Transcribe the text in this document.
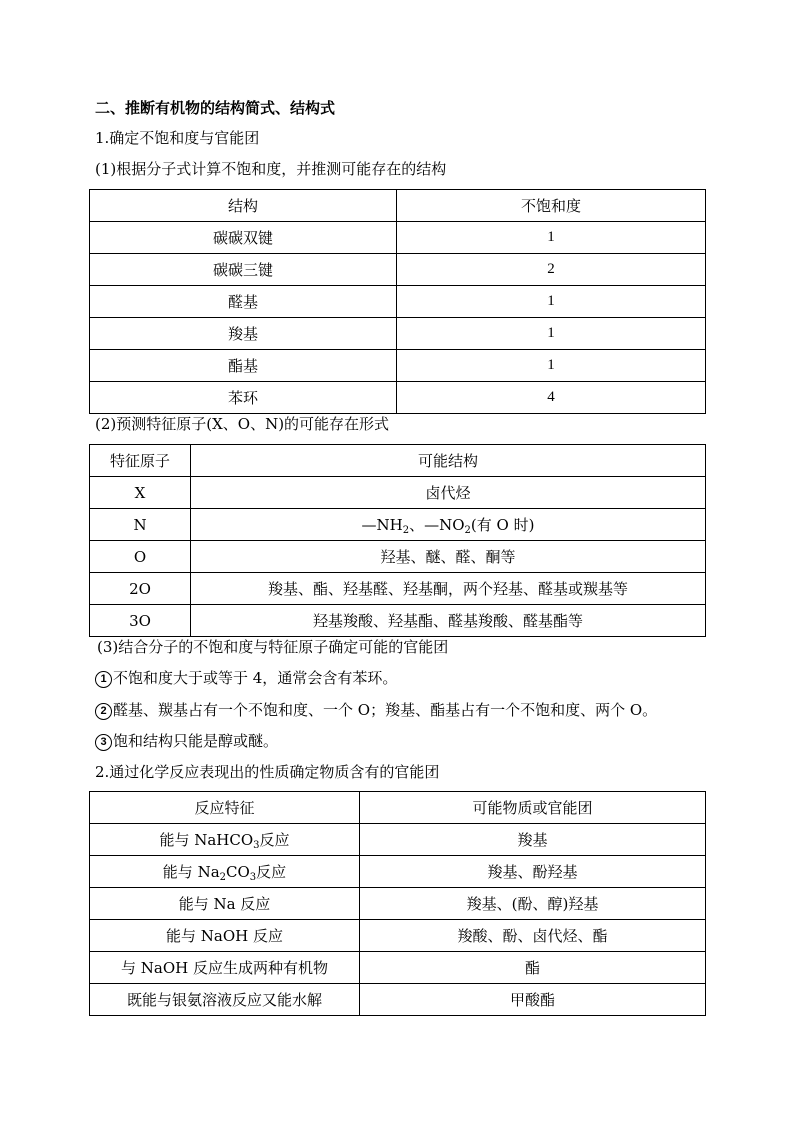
二、推断有机物的结构简式、结构式
1.确定不饱和度与官能团
(1)根据分子式计算不饱和度，并推测可能存在的结构
结构	不饱和度
碳碳双键	1
碳碳三键	2
醛基	1
羧基	1
酯基	1
苯环	4
(2)预测特征原子(X、O、N)的可能存在形式
特征原子	可能结构
X	卤代烃
N	$—NH_2$、$—NO_2$(有 O 时)
O	羟基、醚、醛、酮等
2O	羧基、酯、羟基醛、羟基酮，两个羟基、醛基或羰基等
3O	羟基羧酸、羟基酯、醛基羧酸、醛基酯等
(3)结合分子的不饱和度与特征原子确定可能的官能团
1 不饱和度大于或等于 4，通常会含有苯环。
2 醛基、羰基占有一个不饱和度、一个 O；羧基、酯基占有一个不饱和度、两个 O。
3 饱和结构只能是醇或醚。
2.通过化学反应表现出的性质确定物质含有的官能团
反应特征	可能物质或官能团
能与 NaHCO$_3$反应	羧基
能与 $Na_2CO_3$反应	羧基、酚羟基
能与 Na 反应	羧基、(酚、醇)羟基
能与 NaOH 反应	羧酸、酚、卤代烃、酯
与 NaOH 反应生成两种有机物	酯
既能与银氨溶液反应又能水解	甲酸酯
